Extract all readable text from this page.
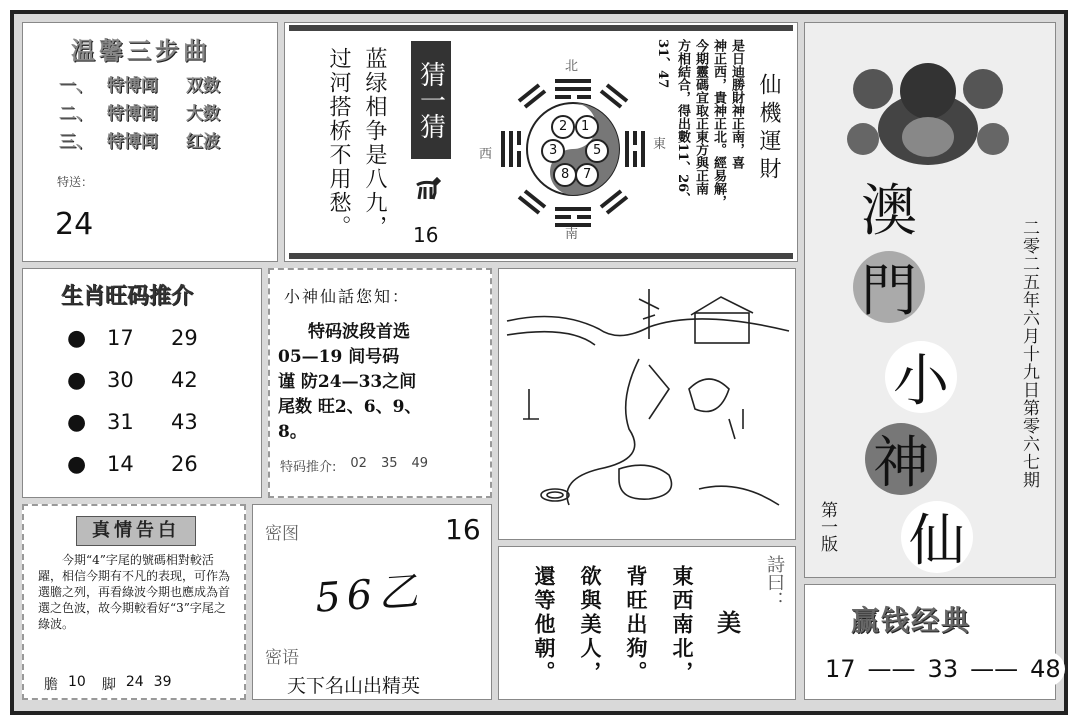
温馨三步曲
一、 特博闻 双数
二、 特博闻 大数
三、 特博闻 红波
特送：
24	蓝绿相争是八九，
过河搭桥不用愁。 猜一猜
16
1
2
3	5
7
8
北
南
西
東	仙機運財
是日迪勝財神正南，喜
神正西，貴神正北。經易解，
今期靈碼宜取正東方與正南
方相結合，得出數11、26、
31、47
生肖旺码推介
● 17	29
● 30	42
● 31	43
● 14	26
小神仙話您知：
特码波段首选
05—19 间号码
谨 防24—33之间
尾数 旺2、6、9、
8。
特码推介: 02 35 49
真情告白
今期“4”字尾的號碼相對較活躍，相信今期有不凡的表现，可作為選膽之列，再看綠波今期也應成為首選之色波，故今期較看好“3”字尾之綠波。
膽 10 脚 24 39
密图	16
56乙
密语
天下名山出精英
詩曰：
美
東西南北，
背旺出狗。
欲與美人，
還等他朝。
澳
門
小
神
仙
二零二五年六月十九日第零六七期
第一版
赢钱经典
17 —— 33 —— 48
